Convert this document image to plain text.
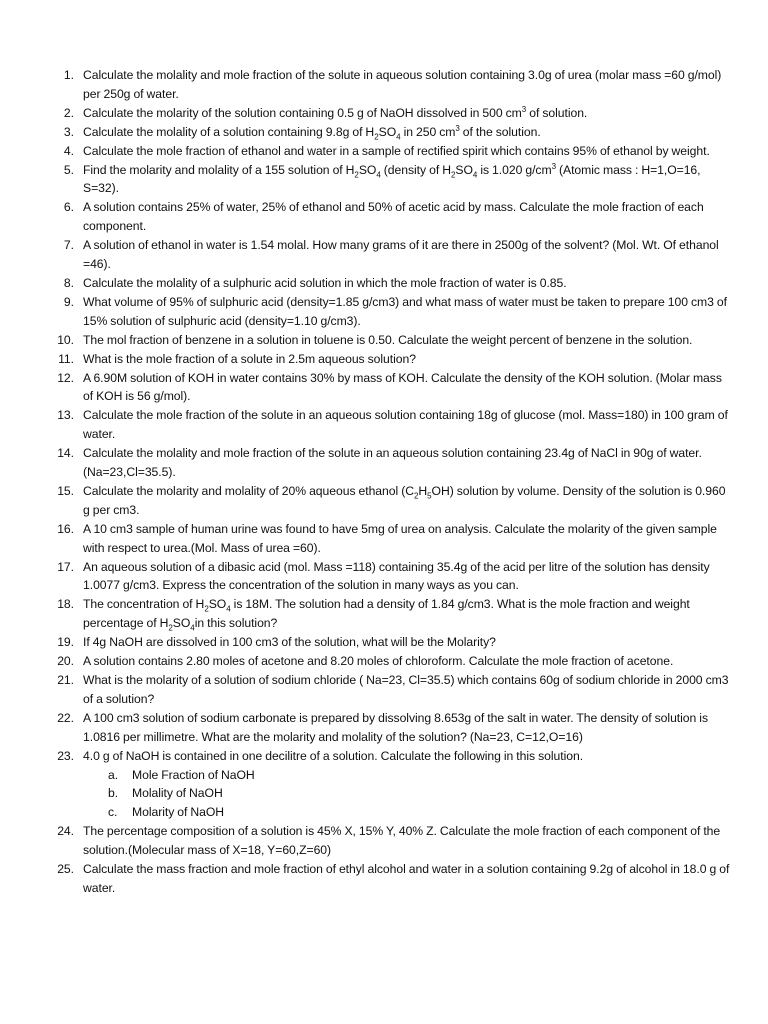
1. Calculate the molality and mole fraction of the solute in aqueous solution containing 3.0g of urea (molar mass =60 g/mol) per 250g of water.
2. Calculate the molarity of the solution containing 0.5 g of NaOH dissolved in 500 $cm^3$ of solution.
3. Calculate the molality of a solution containing 9.8g of $H_2SO_4$ in 250 $cm^3$ of the solution.
4. Calculate the mole fraction of ethanol and water in a sample of rectified spirit which contains 95% of ethanol by weight.
5. Find the molarity and molality of a 155 solution of $H_2SO_4$ (density of $H_2SO_4$ is 1.020 $g/cm^3$ (Atomic mass : H=1,O=16, S=32).
6. A solution contains 25% of water, 25% of ethanol and 50% of acetic acid by mass. Calculate the mole fraction of each component.
7. A solution of ethanol in water is 1.54 molal. How many grams of it are there in 2500g of the solvent? (Mol. Wt. Of ethanol =46).
8. Calculate the molality of a sulphuric acid solution in which the mole fraction of water is 0.85.
9. What volume of 95% of sulphuric acid (density=1.85 g/cm3) and what mass of water must be taken to prepare 100 cm3 of 15% solution of sulphuric acid (density=1.10 g/cm3).
10. The mol fraction of benzene in a solution in toluene is 0.50. Calculate the weight percent of benzene in the solution.
11. What is the mole fraction of a solute in 2.5m aqueous solution?
12. A 6.90M solution of KOH in water contains 30% by mass of KOH. Calculate the density of the KOH solution. (Molar mass of KOH is 56 g/mol).
13. Calculate the mole fraction of the solute in an aqueous solution containing 18g of glucose (mol. Mass=180) in 100 gram of water.
14. Calculate the molality and mole fraction of the solute in an aqueous solution containing 23.4g of NaCl in 90g of water. (Na=23,Cl=35.5).
15. Calculate the molarity and molality of 20% aqueous ethanol $(C_2H_5OH)$ solution by volume. Density of the solution is 0.960 g per cm3.
16. A 10 cm3 sample of human urine was found to have 5mg of urea on analysis. Calculate the molarity of the given sample with respect to urea.(Mol. Mass of urea =60).
17. An aqueous solution of a dibasic acid (mol. Mass =118) containing 35.4g of the acid per litre of the solution has density 1.0077 g/cm3. Express the concentration of the solution in many ways as you can.
18. The concentration of $H_2SO_4$ is 18M. The solution had a density of 1.84 g/cm3. What is the mole fraction and weight percentage of $H_2SO_4in$ this solution?
19. If 4g NaOH are dissolved in 100 cm3 of the solution, what will be the Molarity?
20. A solution contains 2.80 moles of acetone and 8.20 moles of chloroform. Calculate the mole fraction of acetone.
21. What is the molarity of a solution of sodium chloride ( Na=23, Cl=35.5) which contains 60g of sodium chloride in 2000 cm3 of a solution?
22. A 100 cm3 solution of sodium carbonate is prepared by dissolving 8.653g of the salt in water. The density of solution is 1.0816 per millimetre. What are the molarity and molality of the solution? (Na=23, C=12,O=16)
23. 4.0 g of NaOH is contained in one decilitre of a solution. Calculate the following in this solution.
a.	Mole Fraction of NaOH
b.	Molality of NaOH
c.	Molarity of NaOH
24. The percentage composition of a solution is 45% X, 15% Y, 40% Z. Calculate the mole fraction of each component of the solution.(Molecular mass of X=18, Y=60,Z=60)
25. Calculate the mass fraction and mole fraction of ethyl alcohol and water in a solution containing 9.2g of alcohol in 18.0 g of water.
